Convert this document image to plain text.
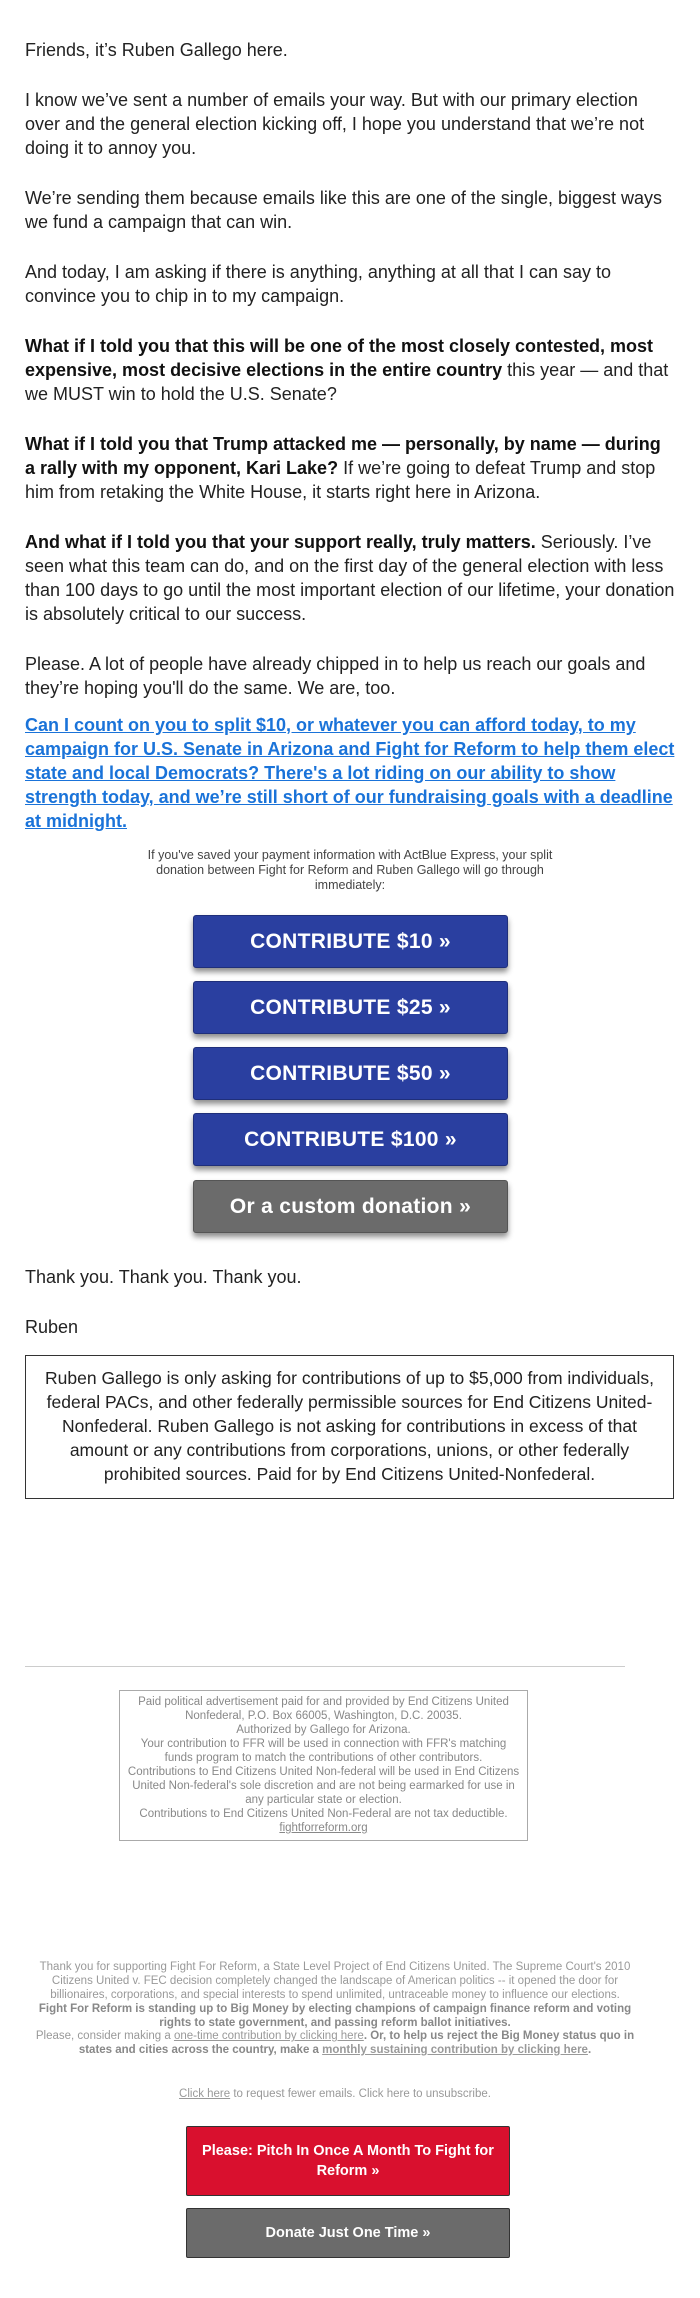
Friends, it’s Ruben Gallego here.

I know we’ve sent a number of emails your way. But with our primary election over and the general election kicking off, I hope you understand that we’re not doing it to annoy you.

We’re sending them because emails like this are one of the single, biggest ways we fund a campaign that can win.

And today, I am asking if there is anything, anything at all that I can say to convince you to chip in to my campaign.

What if I told you that this will be one of the most closely contested, most expensive, most decisive elections in the entire country this year — and that we MUST win to hold the U.S. Senate?

What if I told you that Trump attacked me — personally, by name — during a rally with my opponent, Kari Lake? If we’re going to defeat Trump and stop him from retaking the White House, it starts right here in Arizona.

And what if I told you that your support really, truly matters. Seriously. I’ve seen what this team can do, and on the first day of the general election with less than 100 days to go until the most important election of our lifetime, your donation is absolutely critical to our success.

Please. A lot of people have already chipped in to help us reach our goals and they’re hoping you'll do the same. We are, too.

Can I count on you to split $10, or whatever you can afford today, to my campaign for U.S. Senate in Arizona and Fight for Reform to help them elect state and local Democrats? There's a lot riding on our ability to show strength today, and we’re still short of our fundraising goals with a deadline at midnight.

If you've saved your payment information with ActBlue Express, your split donation between Fight for Reform and Ruben Gallego will go through immediately:
CONTRIBUTE $10 »
CONTRIBUTE $25 »
CONTRIBUTE $50 »
CONTRIBUTE $100 »
Or a custom donation »

Thank you. Thank you. Thank you.

Ruben

Ruben Gallego is only asking for contributions of up to $5,000 from individuals, federal PACs, and other federally permissible sources for End Citizens United-Nonfederal. Ruben Gallego is not asking for contributions in excess of that amount or any contributions from corporations, unions, or other federally prohibited sources. Paid for by End Citizens United-Nonfederal.
Paid political advertisement paid for and provided by End Citizens United Nonfederal, P.O. Box 66005, Washington, D.C. 20035.
Authorized by Gallego for Arizona.
Your contribution to FFR will be used in connection with FFR's matching funds program to match the contributions of other contributors.
Contributions to End Citizens United Non-federal will be used in End Citizens United Non-federal's sole discretion and are not being earmarked for use in any particular state or election.
Contributions to End Citizens United Non-Federal are not tax deductible.
fightforreform.org
Thank you for supporting Fight For Reform, a State Level Project of End Citizens United. The Supreme Court's 2010 Citizens United v. FEC decision completely changed the landscape of American politics -- it opened the door for billionaires, corporations, and special interests to spend unlimited, untraceable money to influence our elections. Fight For Reform is standing up to Big Money by electing champions of campaign finance reform and voting rights to state government, and passing reform ballot initiatives.
Please, consider making a one-time contribution by clicking here. Or, to help us reject the Big Money status quo in states and cities across the country, make a monthly sustaining contribution by clicking here.
Click here to request fewer emails. Click here to unsubscribe.
Please: Pitch In Once A Month To Fight for Reform »
Donate Just One Time »
